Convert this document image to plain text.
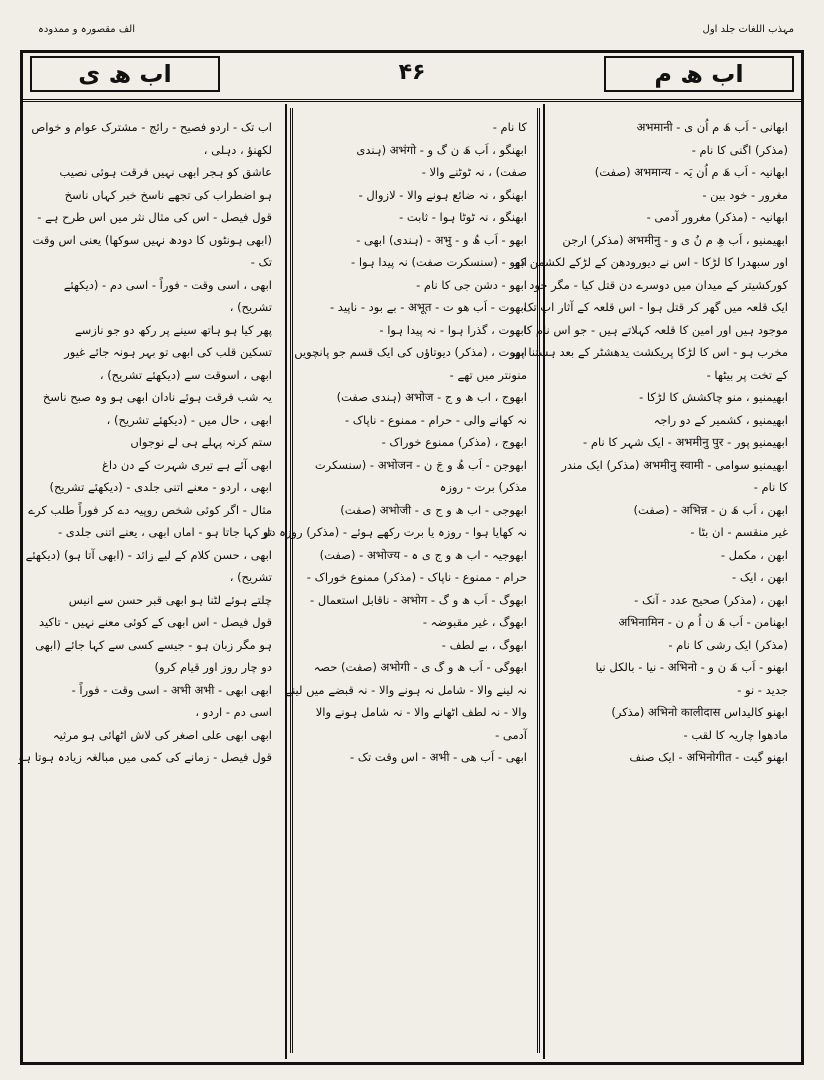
الف مقصورہ و ممدودہ	مہذب اللغات جلد اول
اب ھ ی	۴۶	اب ھ م
ابھانی - اَب ھَ م اُن ی - अभमानी
(مذکر) اگنی کا نام -
ابھانیہ - اَب ھَ م اُن یَہ - अभमान्य (صفت)
مغرور - خود بین -
ابھانیہ - (مذکر) مغرور آدمی -
ابھیمنیو ، اَب ھِ م نُ ی و - अभमीनु (مذکر) ارجن
اور سبھدرا کا لڑکا - اس نے دیورودھن کے لڑکے لکشمن کو
کورکشیتر کے میدان میں دوسرے دن قتل کیا - مگر خود
ایک قلعہ میں گھر کر قتل ہوا - اس قلعہ کے آثار اب تک
موجود ہیں اور امین کا قلعہ کہلاتے ہیں - جو اس نام کا
مخرب ہو - اس کا لڑکا پریکشت یدھشٹر کے بعد ہستنا پور
کے تخت پر بیٹھا -
ابھیمنیو ، منو چاکشش کا لڑکا -
ابھیمنیو ، کشمیر کے دو راجہ
ابھیمنیو پور - अभमीनु पुर - ایک شہر کا نام -
ابھیمنیو سوامی - अभमीनु स्वामी (مذکر) ایک مندر
کا نام -
ابھن ، اَب ھَ ن - अभिन्न - (صفت)
غیر منقسم - ان بٹا -
ابھن ، مکمل -
ابھن ، ایک -
ابھن ، (مذکر) صحیح عدد - آنک -
ابھنامن - اَب ھَ ن اُ م ن - अभिनामिन
(مذکر) ایک رشی کا نام -
ابھنو - اَب ھَ ن و - अभिनो - نیا - بالکل نیا
جدید - نو -
ابھنو کالیداس अभिनो कालीदास (مذکر)
مادھوا چاریہ کا لقب -
ابھنو گیت - अभिनोगीत - ایک صنف
کا نام -
ابھنگو ، اَب ھَ ن گ و - अभंगो (ہندی
صفت) ، نہ ٹوٹنے والا -
ابھنگو ، نہ ضائع ہونے والا - لازوال -
ابھنگو ، نہ ٹوٹا ہوا - ثابت -
ابھو - اَب ھُ و - अभु - (ہندی) ابھی -
ابھو - (سنسکرت صفت) نہ پیدا ہوا -
ابھو - دشن جی کا نام -
ابھوت - اَب ھو ت - अभूत - بے بود - ناپید -
ابھوت ، گذرا ہوا - نہ پیدا ہوا -
ابھوت ، (مذکر) دیوتاؤں کی ایک قسم جو پانچویں
منونتر میں تھے -
ابھوج ، اب ھ و ج - अभोज (ہندی صفت)
نہ کھانے والی - حرام - ممنوع - ناپاک -
ابھوج ، (مذکر) ممنوع خوراک -
ابھوجن - اَب ھُ و جَ ن - अभोजन - (سنسکرت
مذکر) برت - روزہ
ابھوجی - اب ھ و ج ی - अभोजी (صفت)
نہ کھایا ہوا - روزہ یا برت رکھے ہوئے - (مذکر) روزہ دار
ابھوجیہ - اب ھ و ج ی ہ - अभोज्य - (صفت)
حرام - ممنوع - ناپاک - (مذکر) ممنوع خوراک -
ابھوگ - اَب ھ و گ - अभोग - ناقابل استعمال -
ابھوگ ، غیر مقبوضہ -
ابھوگ ، بے لطف -
ابھوگی - اَب ھ و گ ی - अभोगी (صفت) حصہ
نہ لینے والا - شامل نہ ہونے والا - نہ قبضے میں لینے
والا - نہ لطف اٹھانے والا - نہ شامل ہونے والا
آدمی -
ابھی - اَب ھی - अभी - اس وقت تک -
اب تک - اردو فصیح - رائج - مشترک عوام و خواص
لکھنؤ ، دہلی ،
عاشق کو ہجر ابھی نہیں فرقت ہوئی نصیب
ہو اضطراب کی تجھے ناسخ خبر کہاں ناسخ
قول فیصل - اس کی مثال نثر میں اس طرح ہے -
(ابھی ہونٹوں کا دودھ نہیں سوکھا) یعنی اس وقت
تک -
ابھی ، اسی وقت - فوراً - اسی دم - (دیکھئے
تشریح) ،
پھر کیا ہو ہاتھ سینے پر رکھ دو جو نازسے
تسکین قلب کی ابھی تو بہر ہونہ جائے غیور
ابھی ، اسوقت سے (دیکھئے تشریح) ،
یہ شب فرقت ہوئے نادان ابھی ہو وہ صبح ناسخ
ابھی ، حال میں - (دیکھئے تشریح) ،
ستم کرنہ پہلے ہی لے نوجواں
ابھی آئے ہے تیری شہرت کے دن داغ
ابھی ، اردو - معنے اتنی جلدی - (دیکھئے تشریح)
مثال - اگر کوئی شخص روپیہ دے کر فوراً طلب کرے
تو کہا جاتا ہو - اماں ابھی ، یعنے اتنی جلدی -
ابھی ، حسن کلام کے لیے زائد - (ابھی آتا ہو) (دیکھئے
تشریح) ،
چلتے ہوئے لٹنا ہو ابھی قبر حسن سے انیس
قول فیصل - اس ابھی کے کوئی معنے نہیں - تاکید
ہو مگر زبان ہو - جیسے کسی سے کہا جائے (ابھی
دو چار روز اور قیام کرو)
ابھی ابھی - अभी अभी - اسی وقت - فوراً -
اسی دم - اردو ،
ابھی ابھی علی اصغر کی لاش اٹھائی ہو مرثیہ
قول فیصل - زمانے کی کمی میں مبالغہ زیادہ ہوتا ہو
